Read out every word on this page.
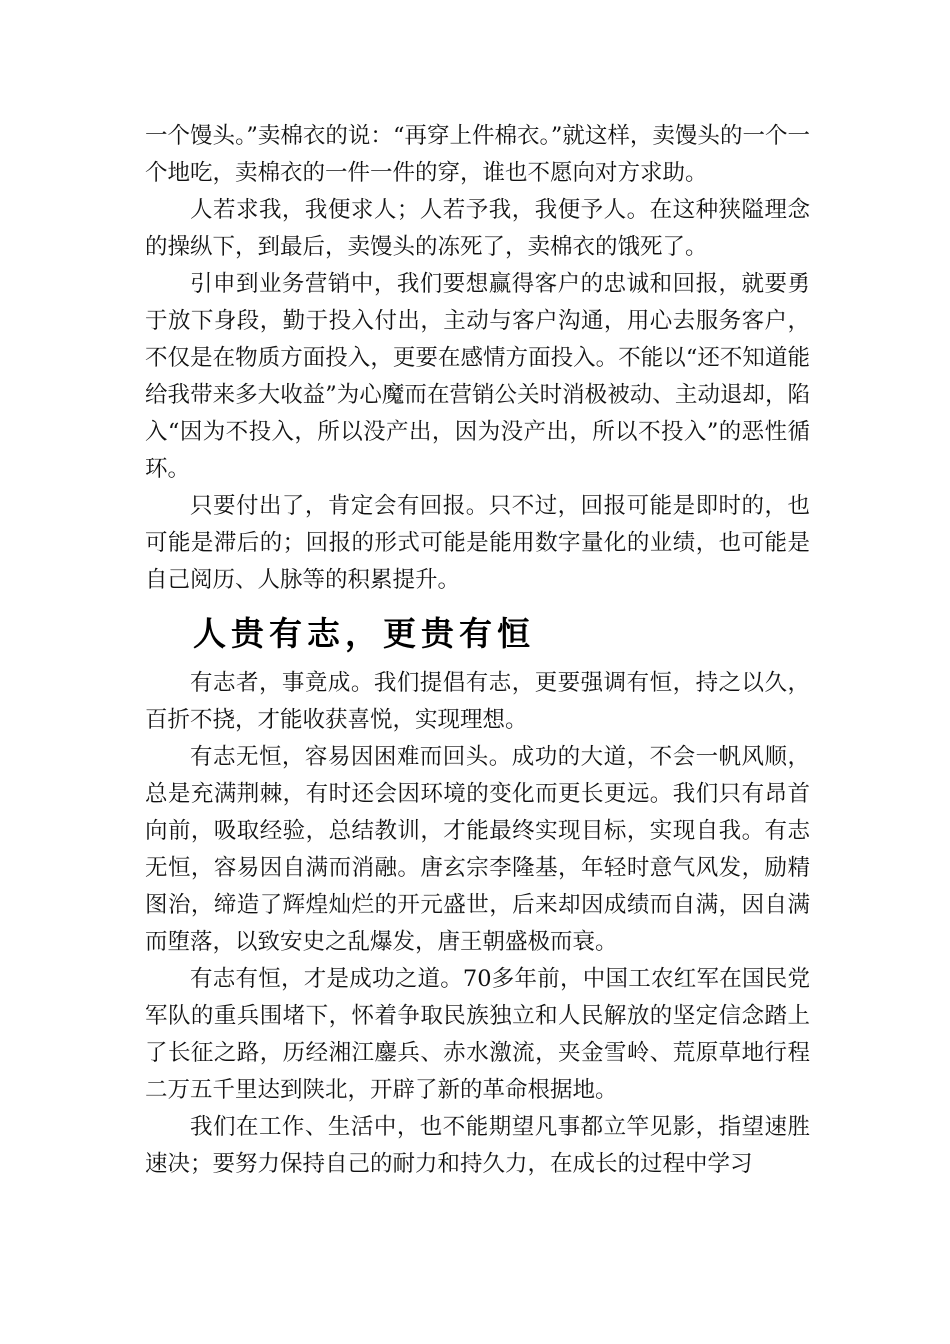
一个馒头。”卖棉衣的说：“再穿上件棉衣。”就这样，卖馒头的一个一个地吃，卖棉衣的一件一件的穿，谁也不愿向对方求助。

人若求我，我便求人；人若予我，我便予人。在这种狭隘理念的操纵下，到最后，卖馒头的冻死了，卖棉衣的饿死了。

引申到业务营销中，我们要想赢得客户的忠诚和回报，就要勇于放下身段，勤于投入付出，主动与客户沟通，用心去服务客户，不仅是在物质方面投入，更要在感情方面投入。不能以“还不知道能给我带来多大收益”为心魔而在营销公关时消极被动、主动退却，陷入“因为不投入，所以没产出，因为没产出，所以不投入”的恶性循环。

只要付出了，肯定会有回报。只不过，回报可能是即时的，也可能是滞后的；回报的形式可能是能用数字量化的业绩，也可能是自己阅历、人脉等的积累提升。

人贵有志，更贵有恒

有志者，事竟成。我们提倡有志，更要强调有恒，持之以久，百折不挠，才能收获喜悦，实现理想。

有志无恒，容易因困难而回头。成功的大道，不会一帆风顺，总是充满荆棘，有时还会因环境的变化而更长更远。我们只有昂首向前，吸取经验，总结教训，才能最终实现目标，实现自我。有志无恒，容易因自满而消融。唐玄宗李隆基，年轻时意气风发，励精图治，缔造了辉煌灿烂的开元盛世，后来却因成绩而自满，因自满而堕落，以致安史之乱爆发，唐王朝盛极而衰。

有志有恒，才是成功之道。70多年前，中国工农红军在国民党军队的重兵围堵下，怀着争取民族独立和人民解放的坚定信念踏上了长征之路，历经湘江鏖兵、赤水激流，夹金雪岭、荒原草地行程二万五千里达到陕北，开辟了新的革命根据地。

我们在工作、生活中，也不能期望凡事都立竿见影，指望速胜速决；要努力保持自己的耐力和持久力，在成长的过程中学习
